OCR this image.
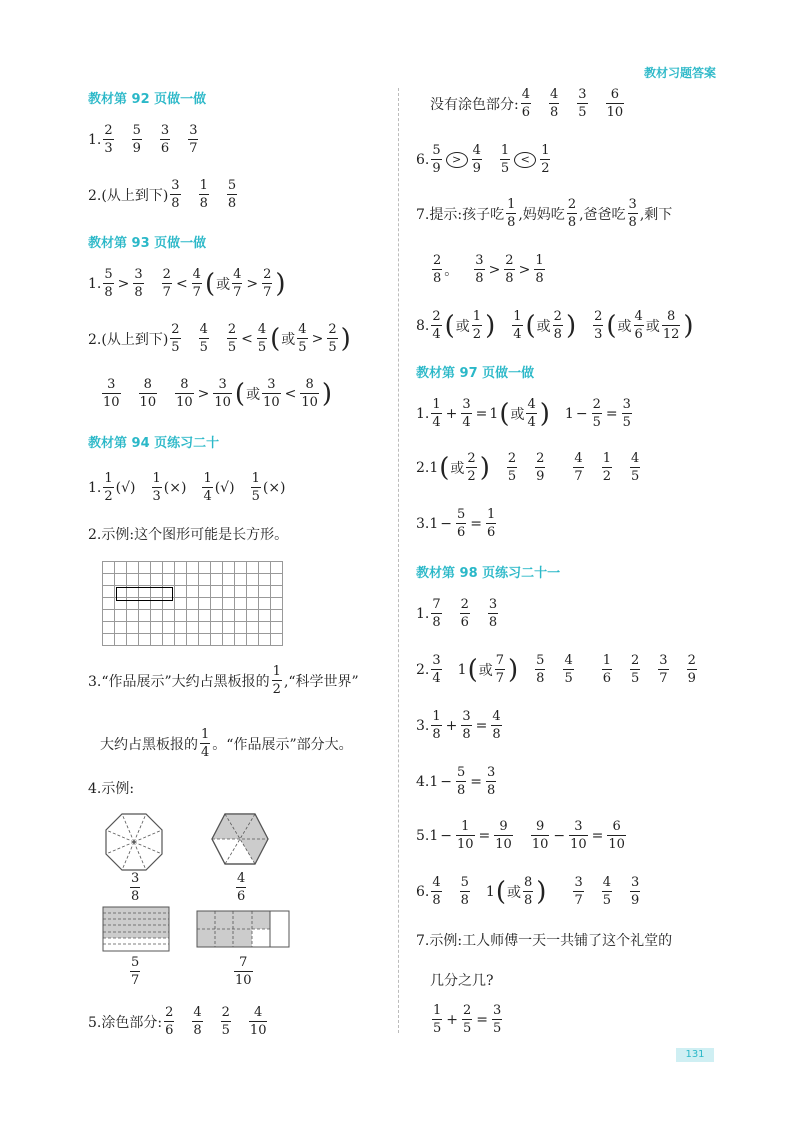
教材习题答案
131
教材第 92 页做一做
1. $\frac{2}{3} \frac{5}{9} \frac{3}{6} \frac{3}{7}$
2.(从上到下) $\frac{3}{8} \frac{1}{8} \frac{5}{8}$
教材第 93 页做一做
1. $\frac{5}{8} > \frac{3}{8} \frac{2}{7} < \frac{4}{7}$ ( 或 $\frac{4}{7} > \frac{2}{7}$ )
2.(从上到下) $\frac{2}{5} \frac{4}{5} \frac{2}{5} < \frac{4}{5}$ ( 或 $\frac{4}{5} > \frac{2}{5}$ )
$\frac{3}{10} \frac{8}{10} \frac{8}{10} > \frac{3}{10}$ ( 或 $\frac{3}{10} < \frac{8}{10}$ )
教材第 94 页练习二十
1. $\frac{1}{2}$ (√) $\frac{1}{3}$ (×) $\frac{1}{4}$ (√) $\frac{1}{5}$ (×)
2.示例:这个图形可能是长方形。
3.“作品展示”大约占黑板报的 $\frac{1}{2}$ ,“科学世界”
大约占黑板报的 $\frac{1}{4}$ 。“作品展示”部分大。
4.示例:
$\frac{3}{8}$	$\frac{4}{6}$
$\frac{5}{7}$	$\frac{7}{10}$
5.涂色部分: $\frac{2}{6} \frac{4}{8} \frac{2}{5} \frac{4}{10}$
没有涂色部分: $\frac{4}{6} \frac{4}{8} \frac{3}{5} \frac{6}{10}$
6. $\frac{5}{9} > \frac{4}{9} \frac{1}{5} < \frac{1}{2}$
7.提示:孩子吃 $\frac{1}{8}$ ,妈妈吃 $\frac{2}{8}$ ,爸爸吃 $\frac{3}{8}$ ,剩下
$\frac{2}{8}$ 。 $\frac{3}{8} > \frac{2}{8} > \frac{1}{8}$
8. $\frac{2}{4}$ ( 或 $\frac{1}{2}$ ) $\frac{1}{4}$ ( 或 $\frac{2}{8}$ ) $\frac{2}{3}$ ( 或 $\frac{4}{6}$ 或 $\frac{8}{12}$ )
教材第 97 页做一做
1. $\frac{1}{4} + \frac{3}{4} = 1$ ( 或 $\frac{4}{4}$ ) $1 - \frac{2}{5} = \frac{3}{5}$
2.1 ( 或 $\frac{2}{2}$ ) $\frac{2}{5} \frac{2}{9} \frac{4}{7} \frac{1}{2} \frac{4}{5}$
$3.1 - \frac{5}{6} = \frac{1}{6}$
教材第 98 页练习二十一
1. $\frac{7}{8} \frac{2}{6} \frac{3}{8}$
2. $\frac{3}{4} 1$ ( 或 $\frac{7}{7}$ ) $\frac{5}{8} \frac{4}{5} \frac{1}{6} \frac{2}{5} \frac{3}{7} \frac{2}{9}$
3. $\frac{1}{8} + \frac{3}{8} = \frac{4}{8}$
$4.1 - \frac{5}{8} = \frac{3}{8}$
$5.1 - \frac{1}{10} = \frac{9}{10} \frac{9}{10} - \frac{3}{10} = \frac{6}{10}$
6. $\frac{4}{8} \frac{5}{8} 1$ ( 或 $\frac{8}{8}$ ) $\frac{3}{7} \frac{4}{5} \frac{3}{9}$
7.示例:工人师傅一天一共铺了这个礼堂的
几分之几?
$\frac{1}{5} + \frac{2}{5} = \frac{3}{5}$
